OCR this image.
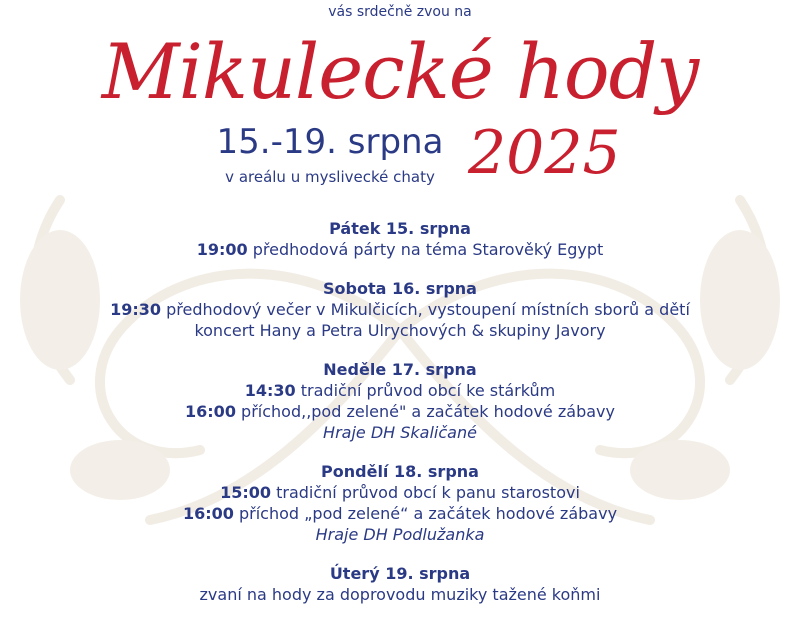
vás srdečně zvou na
Mikulecké hody
15.-19. srpna
v areálu u myslivecké chaty 2025
Pátek 15. srpna
19:00 předhodová párty na téma Starověký Egypt
Sobota 16. srpna
19:30 předhodový večer v Mikulčicích, vystoupení místních sborů a dětí
koncert Hany a Petra Ulrychových & skupiny Javory
Neděle 17. srpna
14:30 tradiční průvod obcí ke stárkům
16:00 příchod,,pod zelené" a začátek hodové zábavy
Hraje DH Skaličané
Pondělí 18. srpna
15:00 tradiční průvod obcí k panu starostovi
16:00 příchod „pod zelené“ a začátek hodové zábavy
Hraje DH Podlužanka
Úterý 19. srpna
zvaní na hody za doprovodu muziky tažené koňmi
